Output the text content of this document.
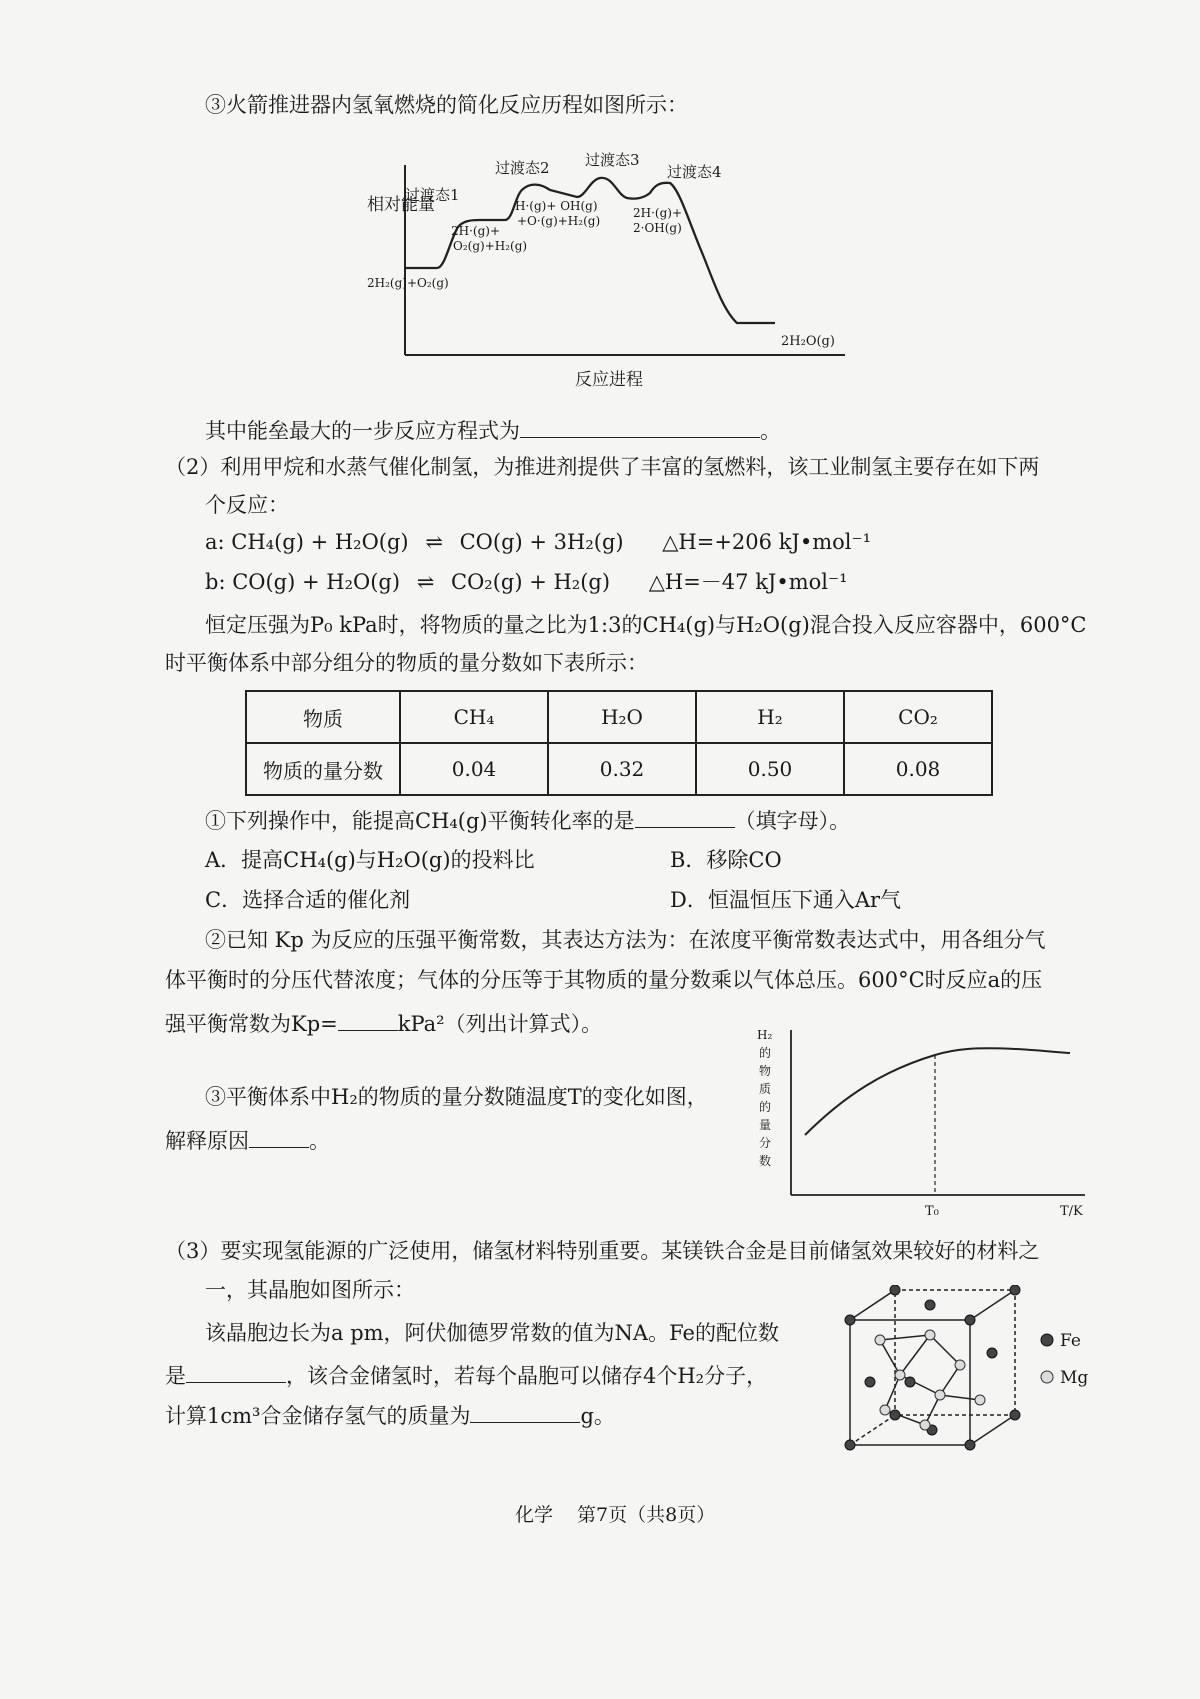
③火箭推进器内氢氧燃烧的简化反应历程如图所示：
相对能量
过渡态1
过渡态2 过渡态3
过渡态4
2H₂(g)+O₂(g)
2H·(g)+
O₂(g)+H₂(g)
H·(g)+ OH(g)
+O·(g)+H₂(g)
2H·(g)+
2·OH(g)
2H₂O(g)
反应进程
其中能垒最大的一步反应方程式为	。
（2）利用甲烷和水蒸气催化制氢，为推进剂提供了丰富的氢燃料，该工业制氢主要存在如下两
个反应：
a: CH₄(g) + H₂O(g) ⇌ CO(g) + 3H₂(g) △H=+206 kJ•mol⁻¹
b: CO(g) + H₂O(g) ⇌ CO₂(g) + H₂(g) △H=－47 kJ•mol⁻¹
恒定压强为P₀ kPa时，将物质的量之比为1:3的CH₄(g)与H₂O(g)混合投入反应容器中，600°C
时平衡体系中部分组分的物质的量分数如下表所示：
物质	CH₄	H₂O	H₂	CO₂
物质的量分数	0.04	0.32	0.50	0.08
①下列操作中，能提高CH₄(g)平衡转化率的是	（填字母）。
A．提高CH₄(g)与H₂O(g)的投料比	B．移除CO
C．选择合适的催化剂	D．恒温恒压下通入Ar气
②已知 Kp 为反应的压强平衡常数，其表达方法为：在浓度平衡常数表达式中，用各组分气
体平衡时的分压代替浓度；气体的分压等于其物质的量分数乘以气体总压。600°C时反应a的压
强平衡常数为Kp=	kPa²（列出计算式）。
③平衡体系中H₂的物质的量分数随温度T的变化如图，
解释原因	。
H₂
的
物
质
的
量
分
数
T₀	T/K
（3）要实现氢能源的广泛使用，储氢材料特别重要。某镁铁合金是目前储氢效果较好的材料之
一，其晶胞如图所示：
该晶胞边长为a pm，阿伏伽德罗常数的值为NA。Fe的配位数
是	，该合金储氢时，若每个晶胞可以储存4个H₂分子，
计算1cm³合金储存氢气的质量为	g。
Fe
Mg
化学 第7页（共8页）
